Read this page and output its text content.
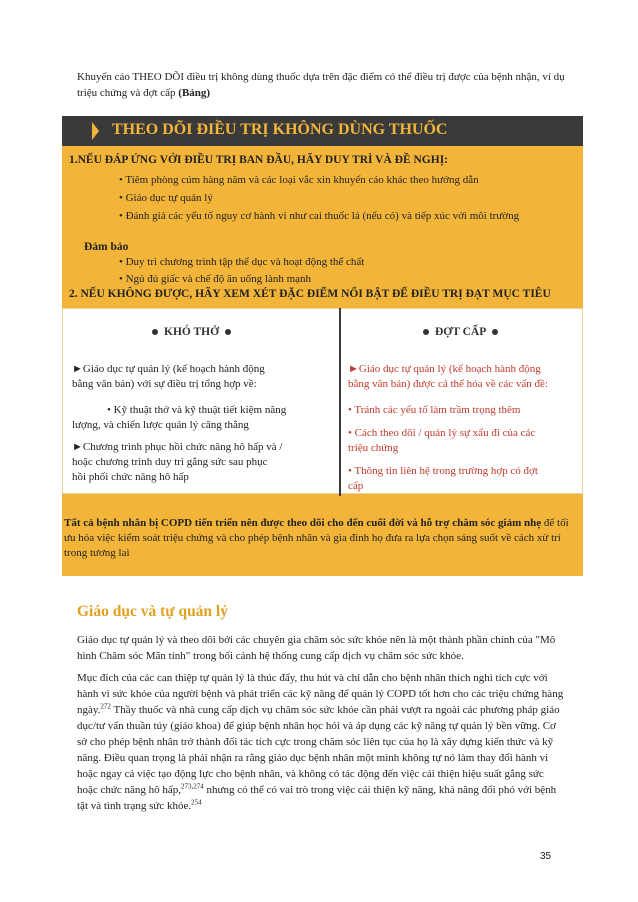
Khuyến cáo THEO DÕI điều trị không dùng thuốc dựa trên đặc điểm có thể điều trị được của bệnh nhận, ví dụ triệu chứng và đợt cấp (Bảng)
THEO DÕI ĐIỀU TRỊ KHÔNG DÙNG THUỐC
1.NẾU ĐÁP ỨNG VỚI ĐIỀU TRỊ BAN ĐẦU, HÃY DUY TRÌ VÀ ĐỀ NGHỊ:
• Tiêm phòng cúm hàng năm và các loại vắc xin khuyến cáo khác theo hướng dẫn
• Giáo dục tự quản lý
• Đánh giá các yếu tố nguy cơ hành vi như cai thuốc lá (nếu có) và tiếp xúc với môi trường
Đảm bảo
• Duy trì chương trình tập thể dục và hoạt động thể chất
• Ngủ đủ giấc và chế độ ăn uống lành mạnh
2. NẾU KHÔNG ĐƯỢC, HÃY XEM XÉT ĐẶC ĐIỂM NỔI BẬT ĐỂ ĐIỀU TRỊ ĐẠT MỤC TIÊU
KHÓ THỞ	ĐỢT CẤP
►Giáo dục tự quản lý (kế hoạch hành động
bằng văn bản) với sự điều trị tổng hợp về:
• Kỹ thuật thở và kỹ thuật tiết kiệm năng
lượng, và chiến lược quản lý căng thẳng
►Chương trình phục hồi chức năng hô hấp và /
hoặc chương trình duy trì gắng sức sau phục
hồi phối chức năng hô hấp
►Giáo dục tự quản lý (kế hoạch hành động
bằng văn bản) được cá thể hóa về các vấn đề:
• Tránh các yếu tố làm trầm trọng thêm
• Cách theo dõi / quản lý sự xấu đi của các
triệu chứng
• Thông tin liên hệ trong trường hợp có đợt
cấp
Tất cả bệnh nhân bị COPD tiến triển nên được theo dõi cho đến cuối đời và hỗ trợ chăm sóc giảm nhẹ để tối ưu hóa việc kiểm soát triệu chứng và cho phép bệnh nhân và gia đình họ đưa ra lựa chọn sáng suốt về cách xử trí trong tương lai
Giáo dục và tự quản lý
Giáo dục tự quản lý và theo dõi bởi các chuyên gia chăm sóc sức khỏe nên là một thành phần chính của "Mô hình Chăm sóc Mãn tính" trong bối cảnh hệ thống cung cấp dịch vụ chăm sóc sức khỏe.
Mục đích của các can thiệp tự quản lý là thúc đẩy, thu hút và chỉ dẫn cho bệnh nhân thích nghi tích cực với hành vi sức khỏe của người bệnh và phát triển các kỹ năng để quản lý COPD tốt hơn cho các triệu chứng hàng ngày.$^{272}$ Thầy thuốc và nhà cung cấp dịch vụ chăm sóc sức khỏe cần phải vượt ra ngoài các phương pháp giáo dục/tư vấn thuần túy (giáo khoa) để giúp bệnh nhân học hỏi và áp dụng các kỹ năng tự quản lý bền vững. Cơ sở cho phép bệnh nhân trở thành đối tác tích cực trong chăm sóc liên tục của họ là xây dựng kiến thức và kỹ năng. Điều quan trọng là phải nhận ra rằng giáo dục bệnh nhân một mình không tự nó làm thay đổi hành vi hoặc ngay cả việc tạo động lực cho bệnh nhân, và không có tác động đến việc cải thiện hiệu suất gắng sức hoặc chức năng hô hấp,$^{273,274}$ nhưng có thể có vai trò trong việc cải thiện kỹ năng, khả năng đối phó với bệnh tật và tình trạng sức khỏe.$^{254}$
35
